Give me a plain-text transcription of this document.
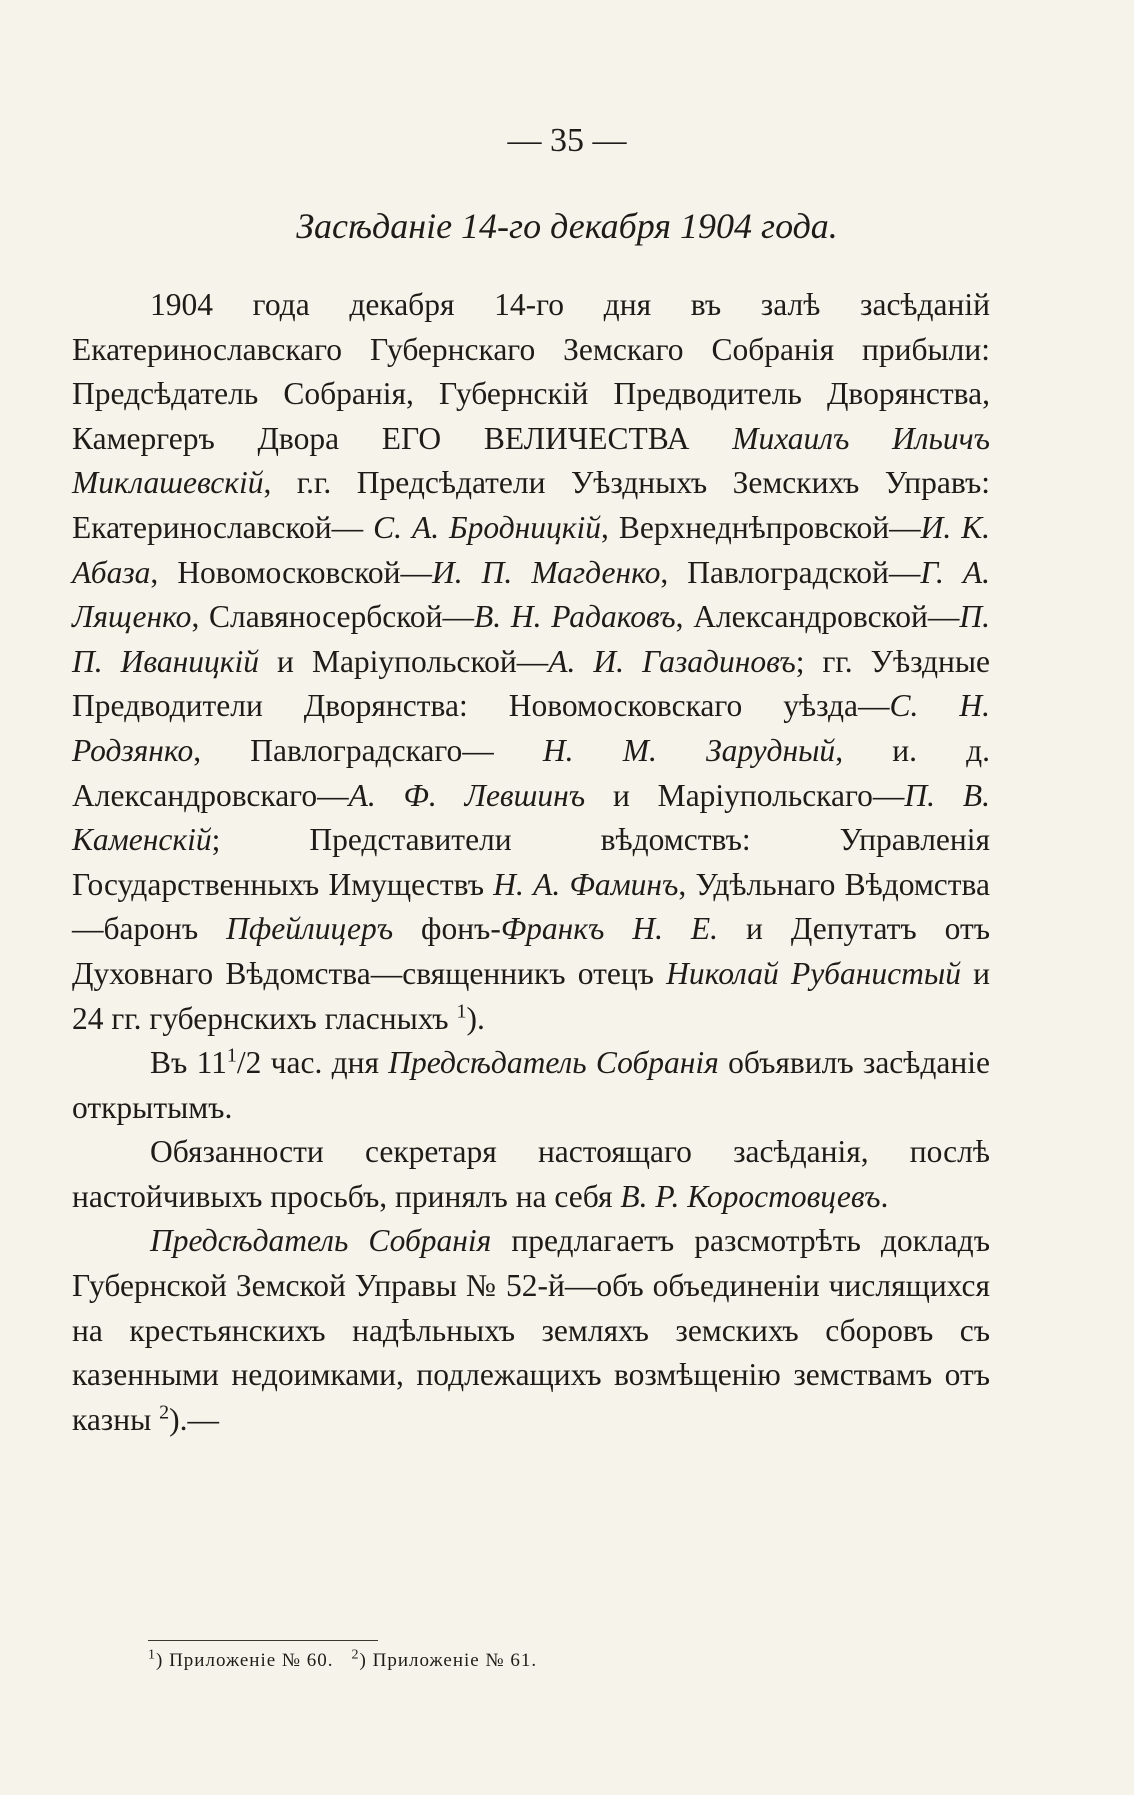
— 35 —
Засѣданіе 14-го декабря 1904 года.

1904 года декабря 14-го дня въ залѣ засѣданій Екатеринославскаго Губернскаго Земскаго Собранія прибыли: Предсѣдатель Собранія, Губернскій Предводитель Дворянства, Камергеръ Двора ЕГО ВЕЛИЧЕСТВА Михаилъ Ильичъ Миклашевскій, г.г. Предсѣдатели Уѣздныхъ Земскихъ Управъ: Екатеринославской— С. А. Бродницкій, Верхнеднѣпровской—И. К. Абаза, Новомосковской—И. П. Магденко, Павлоградской—Г. А. Лященко, Славяносербской—В. Н. Радаковъ, Александровской—П. П. Иваницкій и Маріупольской—А. И. Газадиновъ; гг. Уѣздные Предводители Дворянства: Новомосковскаго уѣзда—С. Н. Родзянко, Павлоградскаго— Н. М. Зарудный, и. д. Александровскаго—А. Ф. Левшинъ и Маріупольскаго—П. В. Каменскій; Представители вѣдомствъ: Управленія Государственныхъ Имуществъ Н. А. Фаминъ, Удѣльнаго Вѣдомства—баронъ Пфейлицеръ фонъ-Франкъ Н. Е. и Депутатъ отъ Духовнаго Вѣдомства—священникъ отецъ Николай Рубанистый и 24 гг. губернскихъ гласныхъ $^1$).

Въ $11^1/2$ час. дня Предсѣдатель Собранія объявилъ засѣданіе открытымъ.

Обязанности секретаря настоящаго засѣданія, послѣ настойчивыхъ просьбъ, принялъ на себя В. Р. Коростовцевъ.

Предсѣдатель Собранія предлагаетъ разсмотрѣть докладъ Губернской Земской Управы № 52-й—объ объединеніи числящихся на крестьянскихъ надѣльныхъ земляхъ земскихъ сборовъ съ казенными недоимками, подлежащихъ возмѣщенію земствамъ отъ казны $^2$).—

$^1$) Приложеніе № 60. $^2$) Приложеніе № 61.
